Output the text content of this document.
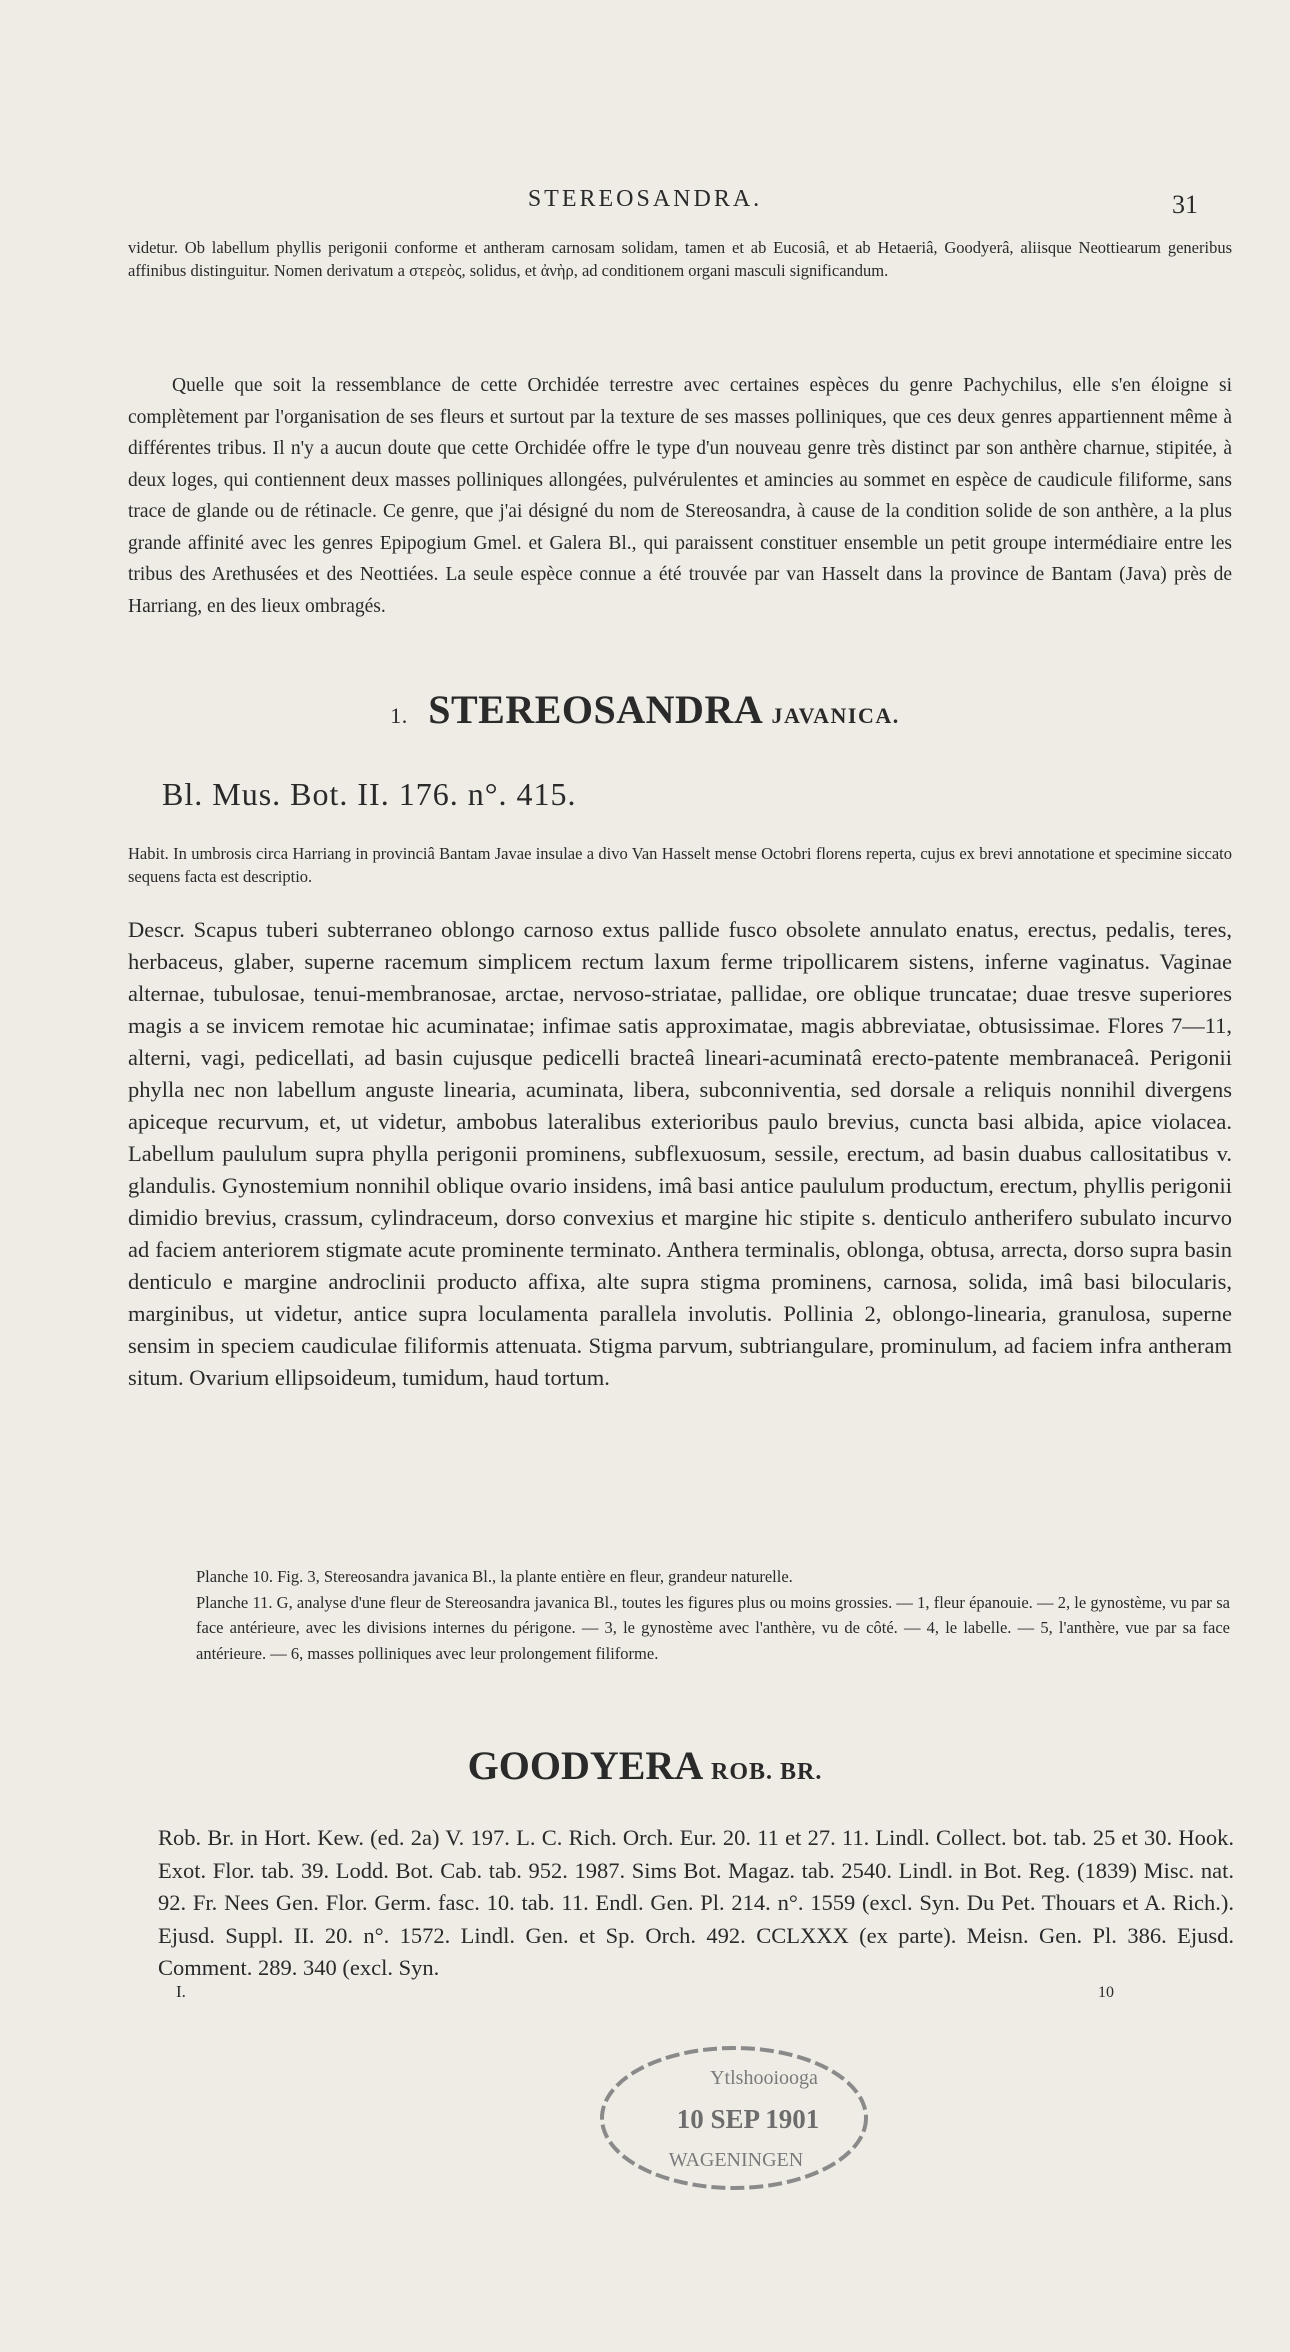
STEREOSANDRA.	31

videtur. Ob labellum phyllis perigonii conforme et antheram carnosam solidam, tamen et ab Eucosiâ, et ab Hetaeriâ, Goodyerâ, aliisque Neottiearum generibus affinibus distinguitur. Nomen derivatum a στερεὸς, solidus, et ἀνὴρ, ad conditionem organi masculi significandum.

Quelle que soit la ressemblance de cette Orchidée terrestre avec certaines espèces du genre Pachychilus, elle s'en éloigne si complètement par l'organisation de ses fleurs et surtout par la texture de ses masses polliniques, que ces deux genres appartiennent même à différentes tribus. Il n'y a aucun doute que cette Orchidée offre le type d'un nouveau genre très distinct par son anthère charnue, stipitée, à deux loges, qui contiennent deux masses polliniques allongées, pulvérulentes et amincies au sommet en espèce de caudicule filiforme, sans trace de glande ou de rétinacle. Ce genre, que j'ai désigné du nom de Stereosandra, à cause de la condition solide de son anthère, a la plus grande affinité avec les genres Epipogium Gmel. et Galera Bl., qui paraissent constituer ensemble un petit groupe intermédiaire entre les tribus des Arethusées et des Neottiées. La seule espèce connue a été trouvée par van Hasselt dans la province de Bantam (Java) près de Harriang, en des lieux ombragés.

1. STEREOSANDRA JAVANICA.
Bl. Mus. Bot. II. 176. n°. 415.

Habit. In umbrosis circa Harriang in provinciâ Bantam Javae insulae a divo Van Hasselt mense Octobri florens reperta, cujus ex brevi annotatione et specimine siccato sequens facta est descriptio.

Descr. Scapus tuberi subterraneo oblongo carnoso extus pallide fusco obsolete annulato enatus, erectus, pedalis, teres, herbaceus, glaber, superne racemum simplicem rectum laxum ferme tripollicarem sistens, inferne vaginatus. Vaginae alternae, tubulosae, tenui-membranosae, arctae, nervoso-striatae, pallidae, ore oblique truncatae; duae tresve superiores magis a se invicem remotae hic acuminatae; infimae satis approximatae, magis abbreviatae, obtusissimae. Flores 7—11, alterni, vagi, pedicellati, ad basin cujusque pedicelli bracteâ lineari-acuminatâ erecto-patente membranaceâ. Perigonii phylla nec non labellum anguste linearia, acuminata, libera, subconniventia, sed dorsale a reliquis nonnihil divergens apiceque recurvum, et, ut videtur, ambobus lateralibus exterioribus paulo brevius, cuncta basi albida, apice violacea. Labellum paululum supra phylla perigonii prominens, subflexuosum, sessile, erectum, ad basin duabus callositatibus v. glandulis. Gynostemium nonnihil oblique ovario insidens, imâ basi antice paululum productum, erectum, phyllis perigonii dimidio brevius, crassum, cylindraceum, dorso convexius et margine hic stipite s. denticulo antherifero subulato incurvo ad faciem anteriorem stigmate acute prominente terminato. Anthera terminalis, oblonga, obtusa, arrecta, dorso supra basin denticulo e margine androclinii producto affixa, alte supra stigma prominens, carnosa, solida, imâ basi bilocularis, marginibus, ut videtur, antice supra loculamenta parallela involutis. Pollinia 2, oblongo-linearia, granulosa, superne sensim in speciem caudiculae filiformis attenuata. Stigma parvum, subtriangulare, prominulum, ad faciem infra antheram situm. Ovarium ellipsoideum, tumidum, haud tortum.

Planche 10. Fig. 3, Stereosandra javanica Bl., la plante entière en fleur, grandeur naturelle.

Planche 11. G, analyse d'une fleur de Stereosandra javanica Bl., toutes les figures plus ou moins grossies. — 1, fleur épanouie. — 2, le gynostème, vu par sa face antérieure, avec les divisions internes du périgone. — 3, le gynostème avec l'anthère, vu de côté. — 4, le labelle. — 5, l'anthère, vue par sa face antérieure. — 6, masses polliniques avec leur prolongement filiforme.

GOODYERA ROB. BR.

Rob. Br. in Hort. Kew. (ed. 2a) V. 197. L. C. Rich. Orch. Eur. 20. 11 et 27. 11. Lindl. Collect. bot. tab. 25 et 30. Hook. Exot. Flor. tab. 39. Lodd. Bot. Cab. tab. 952. 1987. Sims Bot. Magaz. tab. 2540. Lindl. in Bot. Reg. (1839) Misc. nat. 92. Fr. Nees Gen. Flor. Germ. fasc. 10. tab. 11. Endl. Gen. Pl. 214. n°. 1559 (excl. Syn. Du Pet. Thouars et A. Rich.). Ejusd. Suppl. II. 20. n°. 1572. Lindl. Gen. et Sp. Orch. 492. CCLXXX (ex parte). Meisn. Gen. Pl. 386. Ejusd. Comment. 289. 340 (excl. Syn.

I.	10
Ytlshooiooga
10 SEP 1901
WAGENINGEN
